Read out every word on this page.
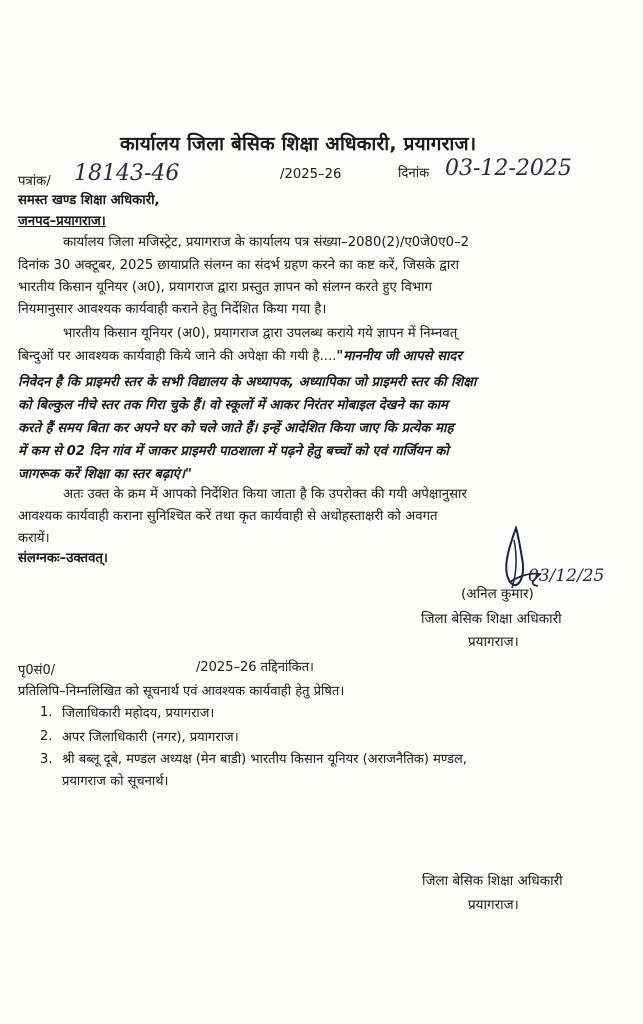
कार्यालय जिला बेसिक शिक्षा अधिकारी, प्रयागराज।
पत्रांक/ 18143-46	/2025–26	दिनांक 03-12-2025
समस्त खण्ड शिक्षा अधिकारी,
जनपद–प्रयागराज।
कार्यालय जिला मजिस्ट्रेट, प्रयागराज के कार्यालय पत्र संख्या–2080(2)/ए0जे0ए0–2
दिनांक 30 अक्टूबर, 2025 छायाप्रति संलग्न का संदर्भ ग्रहण करने का कष्ट करें, जिसके द्वारा
भारतीय किसान यूनियर (अ0), प्रयागराज द्वारा प्रस्तुत ज्ञापन को संलग्न करते हुए विभाग
नियमानुसार आवश्यक कार्यवाही कराने हेतु निर्देशित किया गया है।
भारतीय किसान यूनियर (अ0), प्रयागराज द्वारा उपलब्ध कराये गये ज्ञापन में निम्नवत्
बिन्दुओं पर आवश्यक कार्यवाही किये जाने की अपेक्षा की गयी है...."माननीय जी आपसे सादर
निवेदन है कि प्राइमरी स्तर के सभी विद्यालय के अध्यापक, अध्यापिका जो प्राइमरी स्तर की शिक्षा
को बिल्कुल नीचे स्तर तक गिरा चुके हैं। वो स्कूलों में आकर निरंतर मोबाइल देखने का काम
करते हैं समय बिता कर अपने घर को चले जाते हैं। इन्हें आदेशित किया जाए कि प्रत्येक माह
में कम से 02 दिन गांव में जाकर प्राइमरी पाठशाला में पढ़ने हेतु बच्चों को एवं गार्जियन को
जागरूक करें शिक्षा का स्तर बढ़ाएं।"
अतः उक्त के क्रम में आपको निर्देशित किया जाता है कि उपरोक्त की गयी अपेक्षानुसार
आवश्यक कार्यवाही कराना सुनिश्चित करें तथा कृत कार्यवाही से अधोहस्ताक्षरी को अवगत
करायें।
संलग्नकः–उक्तवत्।
03/12/25
(अनिल कुमार)
जिला बेसिक शिक्षा अधिकारी
प्रयागराज।
पृ0सं0/	/2025–26 तद्दिनांकित।
प्रतिलिपि–निम्नलिखित को सूचनार्थ एवं आवश्यक कार्यवाही हेतु प्रेषित।
1. जिलाधिकारी महोदय, प्रयागराज।
2. अपर जिलाधिकारी (नगर), प्रयागराज।
3. श्री बब्लू दूबे, मण्डल अध्यक्ष (मेन बाडी) भारतीय किसान यूनियर (अराजनैतिक) मण्डल,
प्रयागराज को सूचनार्थ।
जिला बेसिक शिक्षा अधिकारी
प्रयागराज।
